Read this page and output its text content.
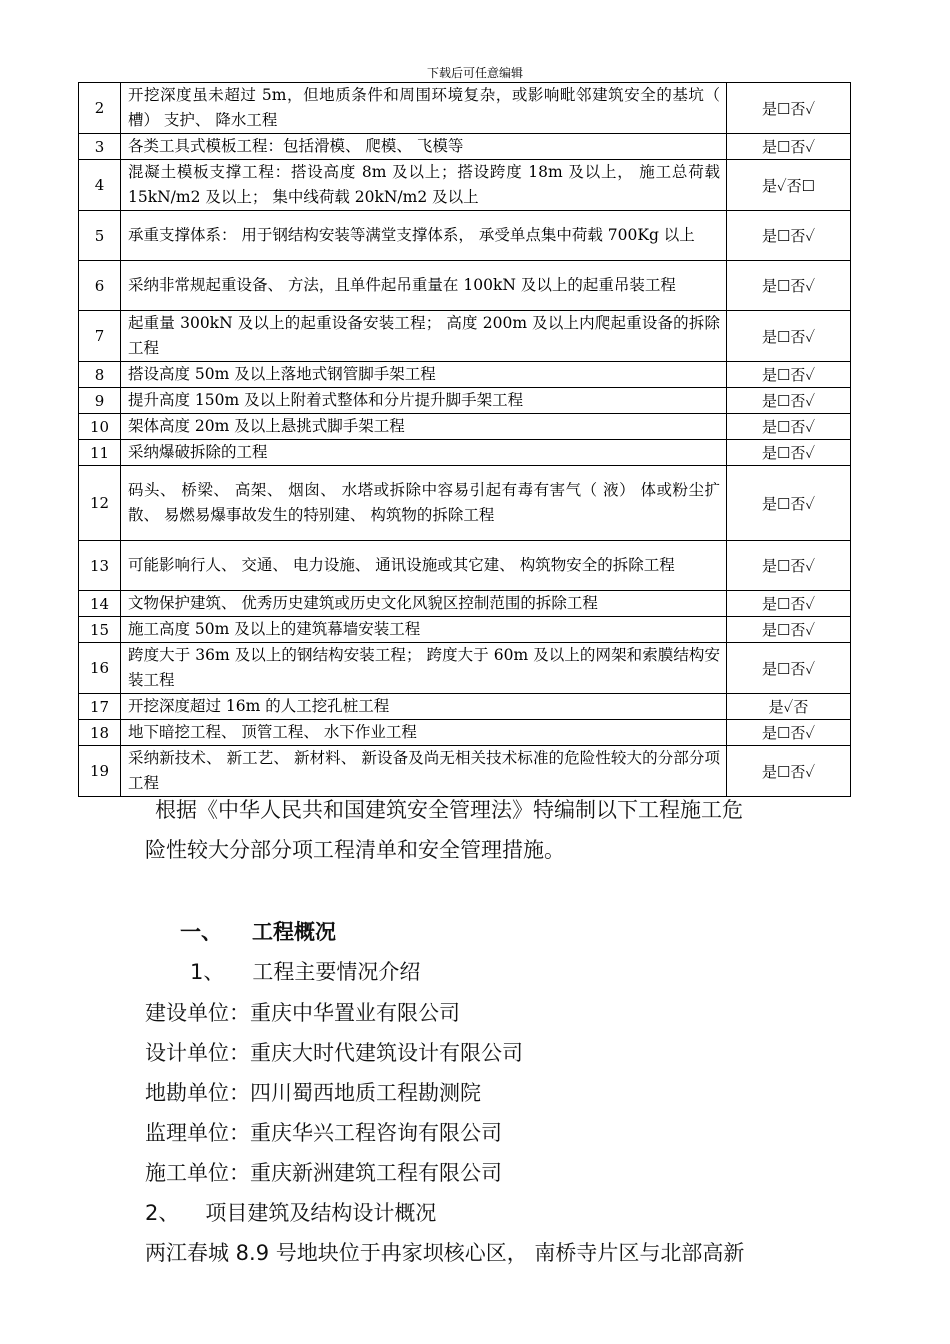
下载后可任意编辑
2	开挖深度虽未超过 5m，但地质条件和周围环境复杂，或影响毗邻建筑安全的基坑（ 槽） 支护、 降水工程	是☐否✓
3	各类工具式模板工程：包括滑模、 爬模、 飞模等	是☐否✓
4	混凝土模板支撑工程：搭设高度 8m 及以上；搭设跨度 18m 及以上， 施工总荷载 15kN/m2 及以上； 集中线荷载 20kN/m2 及以上	是✓否☐
5	承重支撑体系： 用于钢结构安装等满堂支撑体系， 承受单点集中荷载 700Kg 以上	是☐否✓
6	采纳非常规起重设备、 方法，且单件起吊重量在 100kN 及以上的起重吊装工程	是☐否✓
7	起重量 300kN 及以上的起重设备安装工程； 高度 200m 及以上内爬起重设备的拆除工程	是☐否✓
8	搭设高度 50m 及以上落地式钢管脚手架工程	是☐否✓
9	提升高度 150m 及以上附着式整体和分片提升脚手架工程	是☐否✓
10	架体高度 20m 及以上悬挑式脚手架工程	是☐否✓
11	采纳爆破拆除的工程	是☐否✓
12	码头、 桥梁、 高架、 烟囱、 水塔或拆除中容易引起有毒有害气（ 液） 体或粉尘扩散、 易燃易爆事故发生的特别建、 构筑物的拆除工程	是☐否✓
13	可能影响行人、 交通、 电力设施、 通讯设施或其它建、 构筑物安全的拆除工程	是☐否✓
14	文物保护建筑、 优秀历史建筑或历史文化风貌区控制范围的拆除工程	是☐否✓
15	施工高度 50m 及以上的建筑幕墙安装工程	是☐否✓
16	跨度大于 36m 及以上的钢结构安装工程； 跨度大于 60m 及以上的网架和索膜结构安装工程	是☐否✓
17	开挖深度超过 16m 的人工挖孔桩工程	是✓否
18	地下暗挖工程、 顶管工程、 水下作业工程	是☐否✓
19	采纳新技术、 新工艺、 新材料、 新设备及尚无相关技术标准的危险性较大的分部分项工程	是☐否✓
根据《中华人民共和国建筑安全管理法》特编制以下工程施工危
险性较大分部分项工程清单和安全管理措施。
一、 工程概况
1、 工程主要情况介绍
建设单位：重庆中华置业有限公司
设计单位：重庆大时代建筑设计有限公司
地勘单位：四川蜀西地质工程勘测院
监理单位：重庆华兴工程咨询有限公司
施工单位：重庆新洲建筑工程有限公司
2、 项目建筑及结构设计概况
两江春城 8.9 号地块位于冉家坝核心区， 南桥寺片区与北部高新
